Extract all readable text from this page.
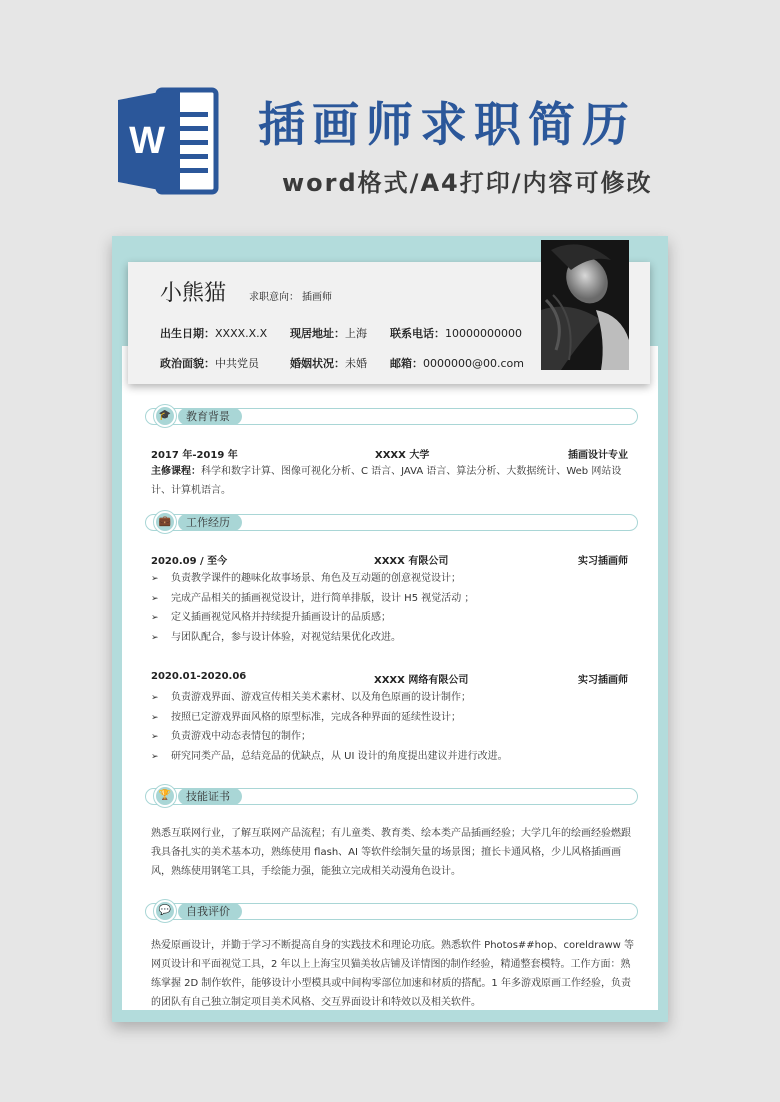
W 插画师求职简历
word格式/A4打印/内容可修改
小熊猫 求职意向： 插画师
出生日期：XXXX.X.X 现居地址：上海 联系电话：10000000000
政治面貌：中共党员	婚姻状况：未婚 邮箱：0000000@00.com
教育背景
🎓
2017 年-2019 年	XXXX 大学	插画设计专业
主修课程：科学和数字计算、图像可视化分析、C 语言、JAVA 语言、算法分析、大数据统计、Web 网站设计、计算机语言。
工作经历
💼
2020.09 / 至今	XXXX 有限公司	实习插画师
➢ 负责教学课件的趣味化故事场景、角色及互动题的创意视觉设计；
➢ 完成产品相关的插画视觉设计，进行简单排版，设计 H5 视觉活动 ；
➢ 定义插画视觉风格并持续提升插画设计的品质感；
➢ 与团队配合，参与设计体验，对视觉结果优化改进。
2020.01-2020.06	XXXX 网络有限公司	实习插画师
➢ 负责游戏界面、游戏宣传相关美术素材、以及角色原画的设计制作；
➢ 按照已定游戏界面风格的原型标准，完成各种界面的延续性设计；
➢ 负责游戏中动态表情包的制作；
➢ 研究同类产品，总结竞品的优缺点，从 UI 设计的角度提出建议并进行改进。
技能证书
🏆
熟悉互联网行业，了解互联网产品流程；有儿童类、教育类、绘本类产品插画经验；大学几年的绘画经验燃跟我具备扎实的美术基本功，熟练使用 flash、AI 等软件绘制矢量的场景图；擅长卡通风格，少儿风格插画画风，熟练使用钢笔工具，手绘能力强，能独立完成相关动漫角色设计。
自我评价
💬
热爱原画设计，并勤于学习不断提高自身的实践技术和理论功底。熟悉软件 Photos##hop、coreldraww 等网页设计和平面视觉工具，2 年以上上海宝贝猫美妆店铺及详情图的制作经验，精通整套模特。工作方面：熟练掌握 2D 制作软件，能够设计小型模具或中间构零部位加速和材质的搭配。1 年多游戏原画工作经验，负责的团队有自己独立制定项目美术风格、交互界面设计和特效以及相关软件。
